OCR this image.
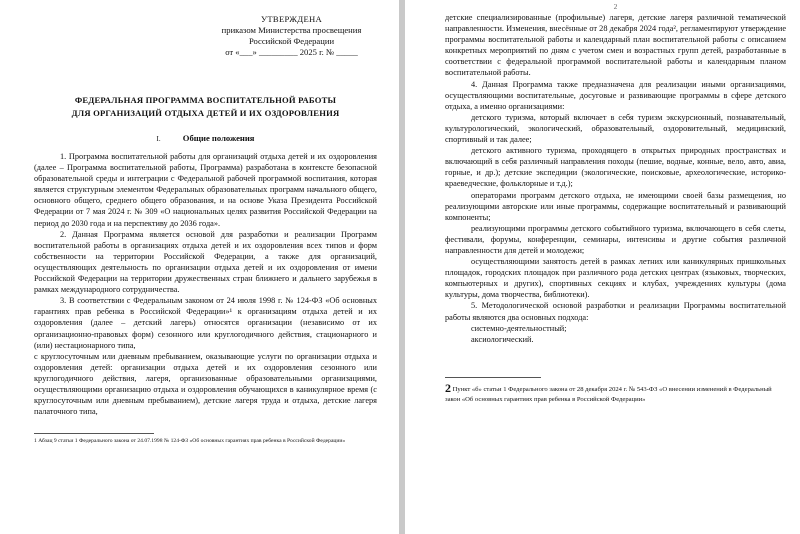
УТВЕРЖДЕНА
приказом Министерства просвещения
Российской Федерации
от «___» _________ 2025 г. № _____
ФЕДЕРАЛЬНАЯ ПРОГРАММА ВОСПИТАТЕЛЬНОЙ РАБОТЫ
ДЛЯ ОРГАНИЗАЦИЙ ОТДЫХА ДЕТЕЙ И ИХ ОЗДОРОВЛЕНИЯ
I.	Общие положения

1. Программа воспитательной работы для организаций отдыха детей и их оздоровления (далее – Программа воспитательной работы, Программа) разработана в контексте безопасной образовательной среды и интеграции с Федеральной рабочей программой воспитания, которая является структурным элементом Федеральных образовательных программ начального общего, основного общего, среднего общего образования, и на основе Указа Президента Российской Федерации от 7 мая 2024 г. № 309 «О национальных целях развития Российской Федерации на период до 2030 года и на перспективу до 2036 года».

2. Данная Программа является основой для разработки и реализации Программ воспитательной работы в организациях отдыха детей и их оздоровления всех типов и форм собственности на территории Российской Федерации, а также для организаций, осуществляющих деятельность по организации отдыха детей и их оздоровления от имени Российской Федерации на территории дружественных стран ближнего и дальнего зарубежья в рамках международного сотрудничества.

3. В соответствии с Федеральным законом от 24 июля 1998 г. № 124-ФЗ «Об основных гарантиях прав ребенка в Российской Федерации»¹ к организациям отдыха детей и их оздоровления (далее – детский лагерь) относятся организации (независимо от их организационно-правовых форм) сезонного или круглогодичного действия, стационарного и (или) нестационарного типа,

с круглосуточным или дневным пребыванием, оказывающие услуги по организации отдыха и оздоровления детей: организации отдыха детей и их оздоровления сезонного или круглогодичного действия, лагеря, организованные образовательными организациями, осуществляющими организацию отдыха и оздоровления обучающихся в каникулярное время (с круглосуточным или дневным пребыванием), детские лагеря труда и отдыха, детские лагеря палаточного типа,

1 Абзац 9 статьи 1 Федерального закона от 24.07.1998 № 124-ФЗ «Об основных гарантиях прав ребенка в Российской Федерации»
2

детские специализированные (профильные) лагеря, детские лагеря различной тематической направленности. Изменения, внесённые от 28 декабря 2024 года², регламентируют утверждение программы воспитательной работы и календарный план воспитательной работы с описанием конкретных мероприятий по дням с учетом смен и возрастных групп детей, разработанные в соответствии с федеральной программой воспитательной работы и календарным планом воспитательной работы.

4. Данная Программа также предназначена для реализации иными организациями, осуществляющими воспитательные, досуговые и развивающие программы в сфере детского отдыха, а именно организациями:

детского туризма, который включает в себя туризм экскурсионный, познавательный, культурологический, экологический, образовательный, оздоровительный, медицинский, спортивный и так далее;

детского активного туризма, проходящего в открытых природных пространствах и включающий в себя различный направления походы (пешие, водные, конные, вело, авто, авиа, горные, и др.); детские экспедиции (экологические, поисковые, археологические, историко-краеведческие, фольклорные и т.д.);

операторами программ детского отдыха, не имеющими своей базы размещения, но реализующими авторские или иные программы, содержащие воспитательный и развивающий компоненты;

реализующими программы детского событийного туризма, включающего в себя слеты, фестивали, форумы, конференции, семинары, интенсивы и другие события различной направленности для детей и молодежи;

осуществляющими занятость детей в рамках летних или каникулярных пришкольных площадок, городских площадок при различного рода детских центрах (языковых, творческих, компьютерных и других), спортивных секциях и клубах, учреждениях культуры (дома культуры, дома творчества, библиотеки).

5. Методологической основой разработки и реализации Программы воспитательной работы являются два основных подхода:

системно-деятельностный;

аксиологический.

2 Пункт «б» статьи 1 Федерального закона от 28 декабря 2024 г. № 543-ФЗ «О внесении изменений в Федеральный закон «Об основных гарантиях прав ребенка в Российской Федерации»
